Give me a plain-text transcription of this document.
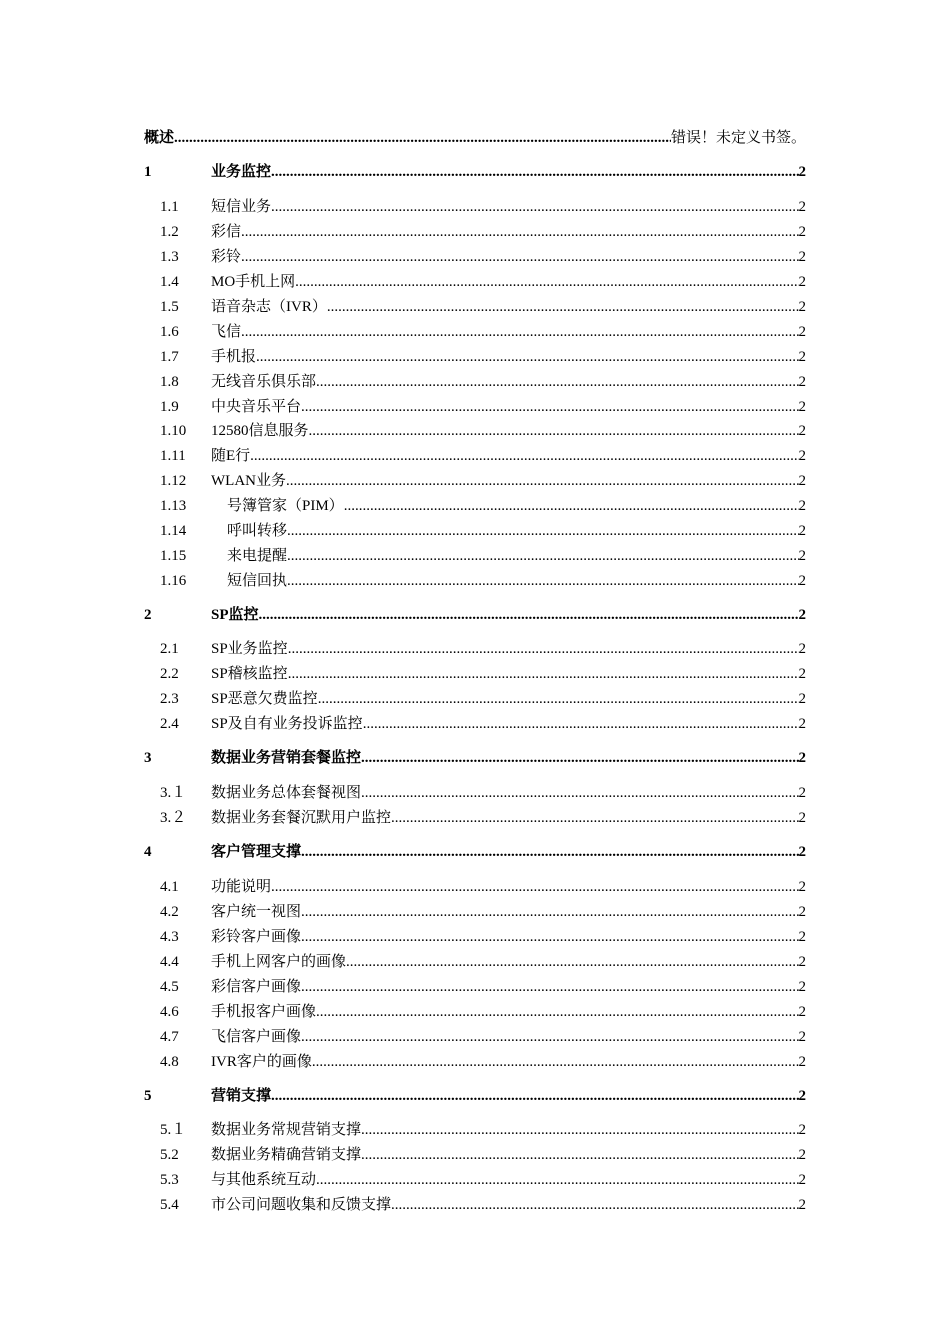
概述 .....	错误！未定义书签。
1	业务监控 .....	2
1.1	短信业务 .....	2
1.2	彩信 .....	2
1.3	彩铃 .....	2
1.4	MO手机上网 .....	2
1.5	语音杂志（IVR） .....	2
1.6	飞信 .....	2
1.7	手机报 .....	2
1.8	无线音乐俱乐部 .....	2
1.9	中央音乐平台 .....	2
1.10	12580信息服务 .....	2
1.11	随E行 .....	2
1.12	WLAN业务 .....	2
1.13	号簿管家（PIM） .....	2
1.14	呼叫转移 .....	2
1.15	来电提醒 .....	2
1.16	短信回执 .....	2
2	SP监控 .....	2
2.1	SP业务监控 .....	2
2.2	SP稽核监控 .....	2
2.3	SP恶意欠费监控 .....	2
2.4	SP及自有业务投诉监控 .....	2
3	数据业务营销套餐监控 .....	2
3.１	数据业务总体套餐视图 .....	2
3.２	数据业务套餐沉默用户监控 .....	2
4	客户管理支撑 .....	2
4.1	功能说明 .....	2
4.2	客户统一视图 .....	2
4.3	彩铃客户画像 .....	2
4.4	手机上网客户的画像 .....	2
4.5	彩信客户画像 .....	2
4.6	手机报客户画像 .....	2
4.7	飞信客户画像 .....	2
4.8	IVR客户的画像 .....	2
5	营销支撑 .....	2
5.１	数据业务常规营销支撑 .....	2
5.2	数据业务精确营销支撑 .....	2
5.3	与其他系统互动 .....	2
5.4	市公司问题收集和反馈支撑 .....	2
